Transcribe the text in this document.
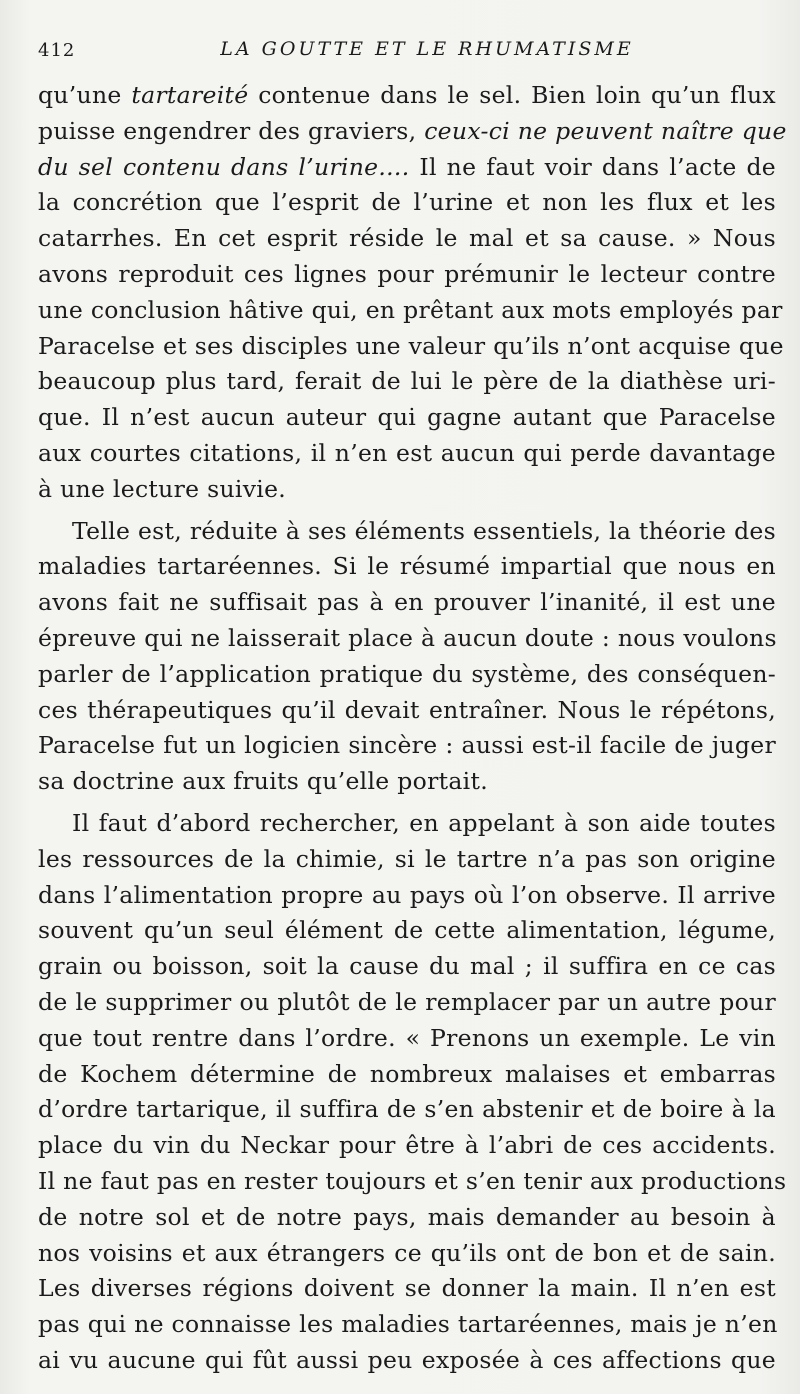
412	LA GOUTTE ET LE RHUMATISME
qu’une tartareité contenue dans le sel. Bien loin qu’un flux
puisse engendrer des graviers, ceux-ci ne peuvent naître que
du sel contenu dans l’urine.... Il ne faut voir dans l’acte de
la concrétion que l’esprit de l’urine et non les flux et les
catarrhes. En cet esprit réside le mal et sa cause. » Nous
avons reproduit ces lignes pour prémunir le lecteur contre
une conclusion hâtive qui, en prêtant aux mots employés par
Paracelse et ses disciples une valeur qu’ils n’ont acquise que
beaucoup plus tard, ferait de lui le père de la diathèse uri-
que. Il n’est aucun auteur qui gagne autant que Paracelse
aux courtes citations, il n’en est aucun qui perde davantage
à une lecture suivie.
Telle est, réduite à ses éléments essentiels, la théorie des
maladies tartaréennes. Si le résumé impartial que nous en
avons fait ne suffisait pas à en prouver l’inanité, il est une
épreuve qui ne laisserait place à aucun doute : nous voulons
parler de l’application pratique du système, des conséquen-
ces thérapeutiques qu’il devait entraîner. Nous le répétons,
Paracelse fut un logicien sincère : aussi est-il facile de juger
sa doctrine aux fruits qu’elle portait.
Il faut d’abord rechercher, en appelant à son aide toutes
les ressources de la chimie, si le tartre n’a pas son origine
dans l’alimentation propre au pays où l’on observe. Il arrive
souvent qu’un seul élément de cette alimentation, légume,
grain ou boisson, soit la cause du mal ; il suffira en ce cas
de le supprimer ou plutôt de le remplacer par un autre pour
que tout rentre dans l’ordre. « Prenons un exemple. Le vin
de Kochem détermine de nombreux malaises et embarras
d’ordre tartarique, il suffira de s’en abstenir et de boire à la
place du vin du Neckar pour être à l’abri de ces accidents.
Il ne faut pas en rester toujours et s’en tenir aux productions
de notre sol et de notre pays, mais demander au besoin à
nos voisins et aux étrangers ce qu’ils ont de bon et de sain.
Les diverses régions doivent se donner la main. Il n’en est
pas qui ne connaisse les maladies tartaréennes, mais je n’en
ai vu aucune qui fût aussi peu exposée à ces affections que
